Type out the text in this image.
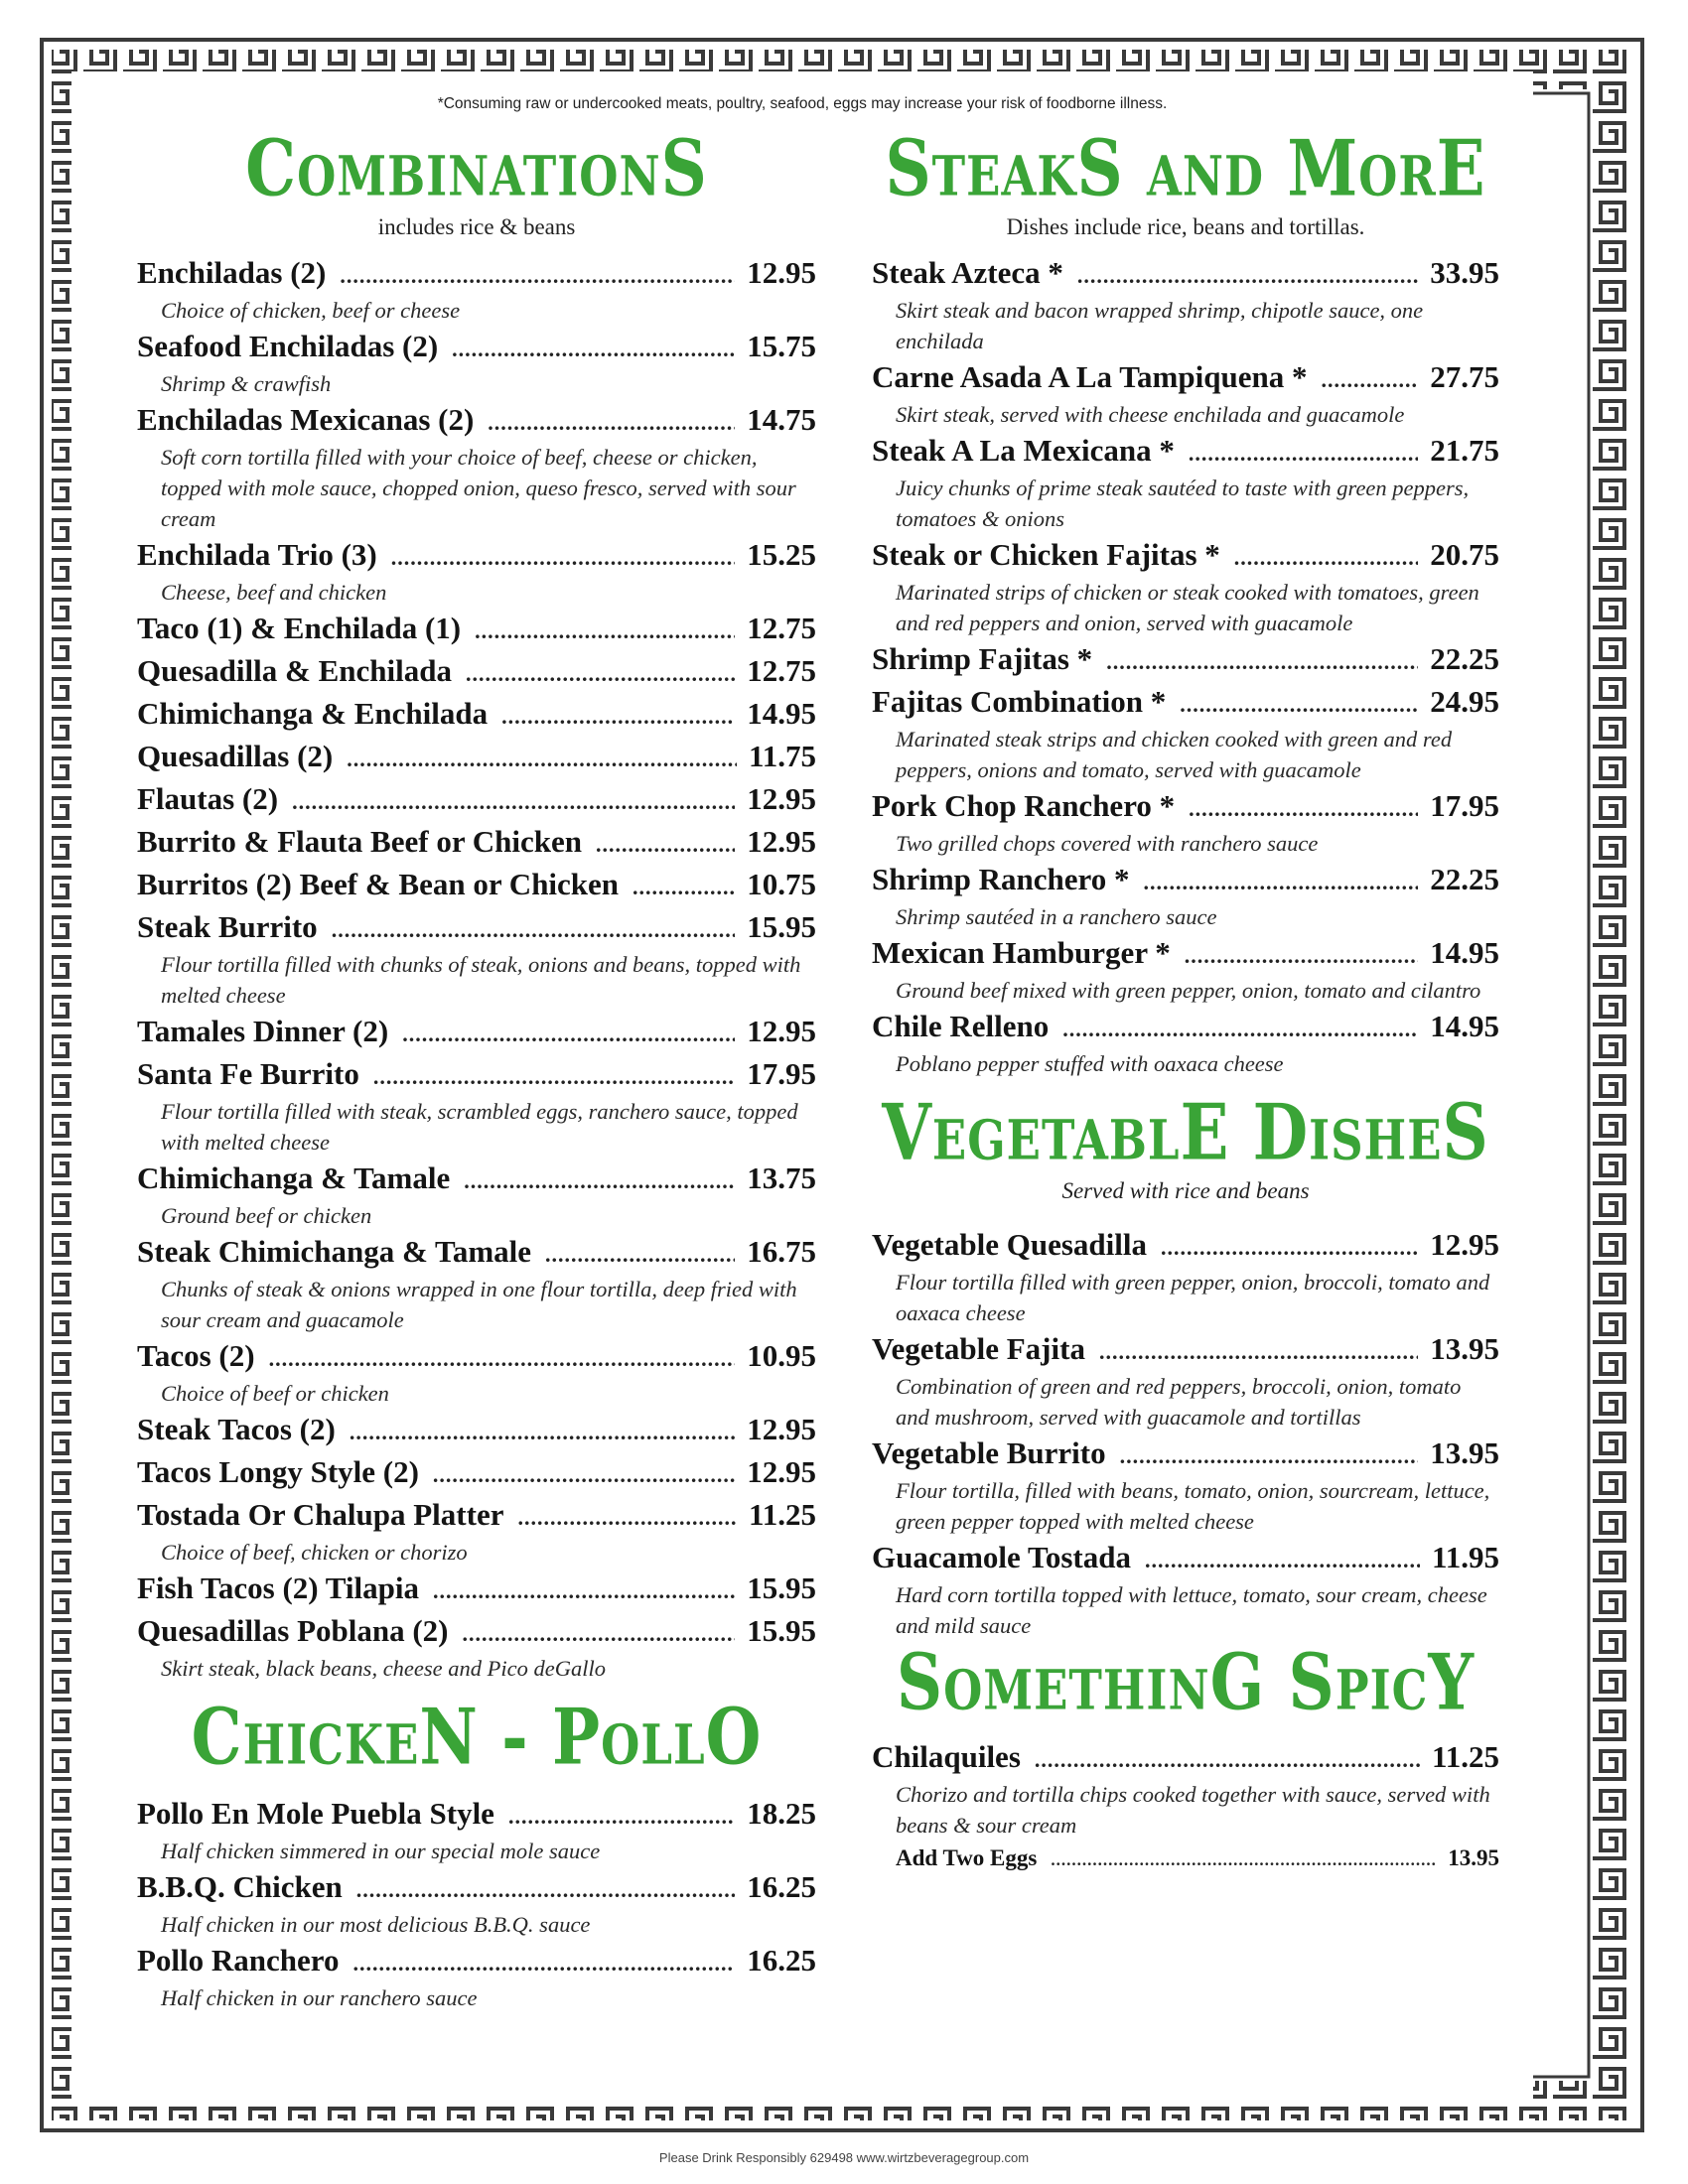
*Consuming raw or undercooked meats, poultry, seafood, eggs may increase your risk of foodborne illness.
CombinationS
includes rice & beans
Enchiladas (2) .....	12.95
Choice of chicken, beef or cheese
Seafood Enchiladas (2) .....	15.75
Shrimp & crawfish
Enchiladas Mexicanas (2) .....	14.75
Soft corn tortilla filled with your choice of beef, cheese or chicken, topped with mole sauce, chopped onion, queso fresco, served with sour cream
Enchilada Trio (3) .....	15.25
Cheese, beef and chicken
Taco (1) & Enchilada (1) .....	12.75
Quesadilla & Enchilada .....	12.75
Chimichanga & Enchilada .....	14.95
Quesadillas (2) .....	11.75
Flautas (2) .....	12.95
Burrito & Flauta Beef or Chicken .....	12.95
Burritos (2) Beef & Bean or Chicken .....	10.75
Steak Burrito .....	15.95
Flour tortilla filled with chunks of steak, onions and beans, topped with melted cheese
Tamales Dinner (2) .....	12.95
Santa Fe Burrito .....	17.95
Flour tortilla filled with steak, scrambled eggs, ranchero sauce, topped with melted cheese
Chimichanga & Tamale .....	13.75
Ground beef or chicken
Steak Chimichanga & Tamale .....	16.75
Chunks of steak & onions wrapped in one flour tortilla, deep fried with sour cream and guacamole
Tacos (2) .....	10.95
Choice of beef or chicken
Steak Tacos (2) .....	12.95
Tacos Longy Style (2) .....	12.95
Tostada Or Chalupa Platter .....	11.25
Choice of beef, chicken or chorizo
Fish Tacos (2) Tilapia .....	15.95
Quesadillas Poblana (2) .....	15.95
Skirt steak, black beans, cheese and Pico deGallo
ChickeN - PollO
Pollo En Mole Puebla Style .....	18.25
Half chicken simmered in our special mole sauce
B.B.Q. Chicken .....	16.25
Half chicken in our most delicious B.B.Q. sauce
Pollo Ranchero .....	16.25
Half chicken in our ranchero sauce
SteakS and MorE
Dishes include rice, beans and tortillas.
Steak Azteca * .....	33.95
Skirt steak and bacon wrapped shrimp, chipotle sauce, one enchilada
Carne Asada A La Tampiquena * .....	27.75
Skirt steak, served with cheese enchilada and guacamole
Steak A La Mexicana * .....	21.75
Juicy chunks of prime steak sautéed to taste with green peppers, tomatoes & onions
Steak or Chicken Fajitas * .....	20.75
Marinated strips of chicken or steak cooked with tomatoes, green and red peppers and onion, served with guacamole
Shrimp Fajitas * .....	22.25
Fajitas Combination * .....	24.95
Marinated steak strips and chicken cooked with green and red peppers, onions and tomato, served with guacamole
Pork Chop Ranchero * .....	17.95
Two grilled chops covered with ranchero sauce
Shrimp Ranchero * .....	22.25
Shrimp sautéed in a ranchero sauce
Mexican Hamburger * .....	14.95
Ground beef mixed with green pepper, onion, tomato and cilantro
Chile Relleno .....	14.95
Poblano pepper stuffed with oaxaca cheese
VegetablE DisheS
Served with rice and beans
Vegetable Quesadilla .....	12.95
Flour tortilla filled with green pepper, onion, broccoli, tomato and oaxaca cheese
Vegetable Fajita .....	13.95
Combination of green and red peppers, broccoli, onion, tomato and mushroom, served with guacamole and tortillas
Vegetable Burrito .....	13.95
Flour tortilla, filled with beans, tomato, onion, sourcream, lettuce, green pepper topped with melted cheese
Guacamole Tostada .....	11.95
Hard corn tortilla topped with lettuce, tomato, sour cream, cheese and mild sauce
SomethinG SpicY
Chilaquiles .....	11.25
Chorizo and tortilla chips cooked together with sauce, served with beans & sour cream
Add Two Eggs .....	13.95
Please Drink Responsibly 629498 www.wirtzbeveragegroup.com
